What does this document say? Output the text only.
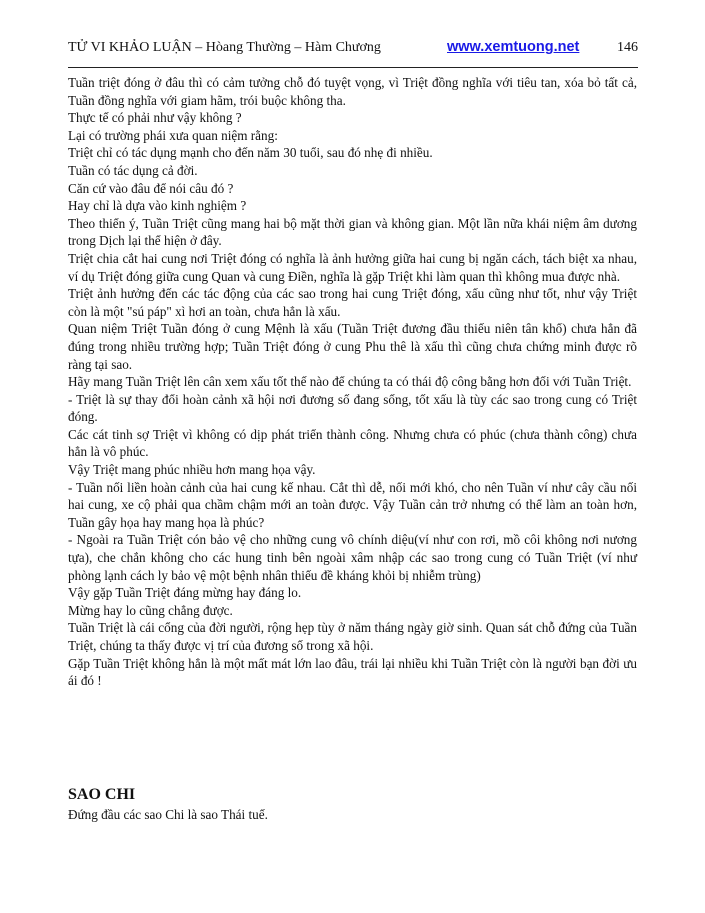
TỬ VI KHẢO LUẬN – Hòang Thường – Hàm Chương	www.xemtuong.net	146

Tuần triệt đóng ở đâu thì có cảm tưởng chỗ đó tuyệt vọng, vì Triệt đồng nghĩa với tiêu tan, xóa bỏ tất cả, Tuần đồng nghĩa với giam hãm, trói buộc không tha.

Thực tế có phải như vậy không ?

Lại có trường phái xưa quan niệm rằng:

Triệt chỉ có tác dụng mạnh cho đến năm 30 tuổi, sau đó nhẹ đi nhiều.

Tuần có tác dụng cả đời.

Căn cứ vào đâu để nói câu đó ?

Hay chỉ là dựa vào kinh nghiệm ?

Theo thiển ý, Tuần Triệt cũng mang hai bộ mặt thời gian và không gian. Một lần nữa khái niệm âm dương trong Dịch lại thể hiện ở đây.

Triệt chia cắt hai cung nơi Triệt đóng có nghĩa là ảnh hưởng giữa hai cung bị ngăn cách, tách biệt xa nhau, ví dụ Triệt đóng giữa cung Quan và cung Điền, nghĩa là gặp Triệt khi làm quan thì không mua được nhà.

Triệt ảnh hưởng đến các tác động của các sao trong hai cung Triệt đóng, xấu cũng như tốt, như vậy Triệt còn là một "sú páp" xì hơi an toàn, chưa hẳn là xấu.

Quan niệm Triệt Tuần đóng ở cung Mệnh là xấu (Tuần Triệt đương đầu thiếu niên tân khổ) chưa hẳn đã đúng trong nhiều trường hợp; Tuần Triệt đóng ở cung Phu thê là xấu thì cũng chưa chứng minh được rõ ràng tại sao.

Hãy mang Tuần Triệt lên cân xem xấu tốt thế nào để chúng ta có thái độ công bằng hơn đối với Tuần Triệt.

- Triệt là sự thay đổi hoàn cảnh xã hội nơi đương số đang sống, tốt xấu là tùy các sao trong cung có Triệt đóng.

Các cát tinh sợ Triệt vì không có dịp phát triển thành công. Nhưng chưa có phúc (chưa thành công) chưa hẳn là vô phúc.

Vậy Triệt mang phúc nhiều hơn mang họa vậy.

- Tuần nối liền hoàn cảnh của hai cung kế nhau. Cắt thì dễ, nối mới khó, cho nên Tuần ví như cây cầu nối hai cung, xe cộ phải qua chầm chậm mới an toàn được. Vậy Tuần cản trở nhưng có thể làm an toàn hơn, Tuần gây họa hay mang họa là phúc?

- Ngoài ra Tuần Triệt cón bảo vệ cho những cung vô chính diệu(ví như con rơi, mồ côi không nơi nương tựa), che chắn không cho các hung tinh bên ngoài xâm nhập các sao trong cung có Tuần Triệt (ví như phòng lạnh cách ly bảo vệ một bệnh nhân thiếu đề kháng khỏi bị nhiễm trùng)

Vậy gặp Tuần Triệt đáng mừng hay đáng lo.

Mừng hay lo cũng chẳng được.

Tuần Triệt là cái cổng của đời người, rộng hẹp tùy ở năm tháng ngày giờ sinh. Quan sát chỗ đứng của Tuần Triệt, chúng ta thấy được vị trí của đương số trong xã hội.

Gặp Tuần Triệt không hẳn là một mất mát lớn lao đâu, trái lại nhiều khi Tuần Triệt còn là người bạn đời ưu ái đó !

SAO CHI

Đứng đầu các sao Chi là sao Thái tuế.
